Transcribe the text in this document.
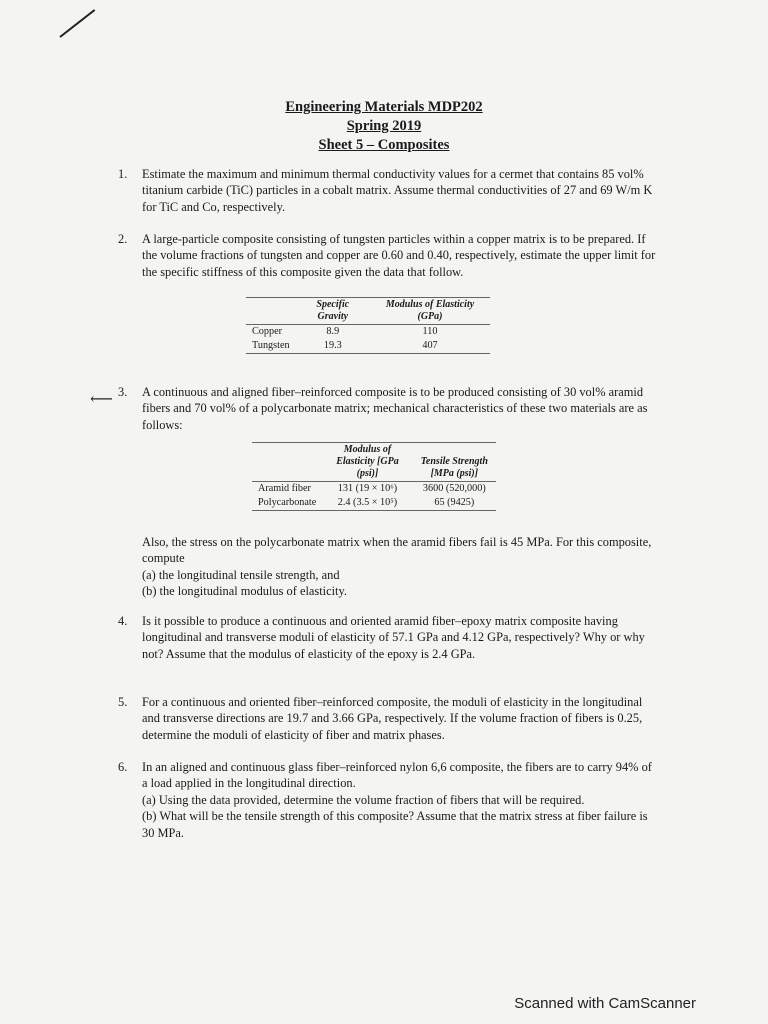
Engineering Materials MDP202
Spring 2019
Sheet 5 – Composites
1.	Estimate the maximum and minimum thermal conductivity values for a cermet that contains 85 vol% titanium carbide (TiC) particles in a cobalt matrix. Assume thermal conductivities of 27 and 69 W/m K for TiC and Co, respectively.
2.	A large-particle composite consisting of tungsten particles within a copper matrix is to be prepared. If the volume fractions of tungsten and copper are 0.60 and 0.40, respectively, estimate the upper limit for the specific stiffness of this composite given the data that follow.
	Specific Gravity	Modulus of Elasticity (GPa)
Copper	8.9	110
Tungsten	19.3	407
⟵ 3.	A continuous and aligned fiber–reinforced composite is to be produced consisting of 30 vol% aramid fibers and 70 vol% of a polycarbonate matrix; mechanical characteristics of these two materials are as follows:
	Modulus of Elasticity [GPa (psi)]	Tensile Strength [MPa (psi)]
Aramid fiber	131 (19 × 10⁶)	3600 (520,000)
Polycarbonate	2.4 (3.5 × 10⁵)	65 (9425)
Also, the stress on the polycarbonate matrix when the aramid fibers fail is 45 MPa. For this composite, compute
(a) the longitudinal tensile strength, and
(b) the longitudinal modulus of elasticity.
4.	Is it possible to produce a continuous and oriented aramid fiber–epoxy matrix composite having longitudinal and transverse moduli of elasticity of 57.1 GPa and 4.12 GPa, respectively? Why or why not? Assume that the modulus of elasticity of the epoxy is 2.4 GPa.
5.	For a continuous and oriented fiber–reinforced composite, the moduli of elasticity in the longitudinal and transverse directions are 19.7 and 3.66 GPa, respectively. If the volume fraction of fibers is 0.25, determine the moduli of elasticity of fiber and matrix phases.
6.	In an aligned and continuous glass fiber–reinforced nylon 6,6 composite, the fibers are to carry 94% of a load applied in the longitudinal direction.
(a) Using the data provided, determine the volume fraction of fibers that will be required.
(b) What will be the tensile strength of this composite? Assume that the matrix stress at fiber failure is 30 MPa.
Scanned with CamScanner
